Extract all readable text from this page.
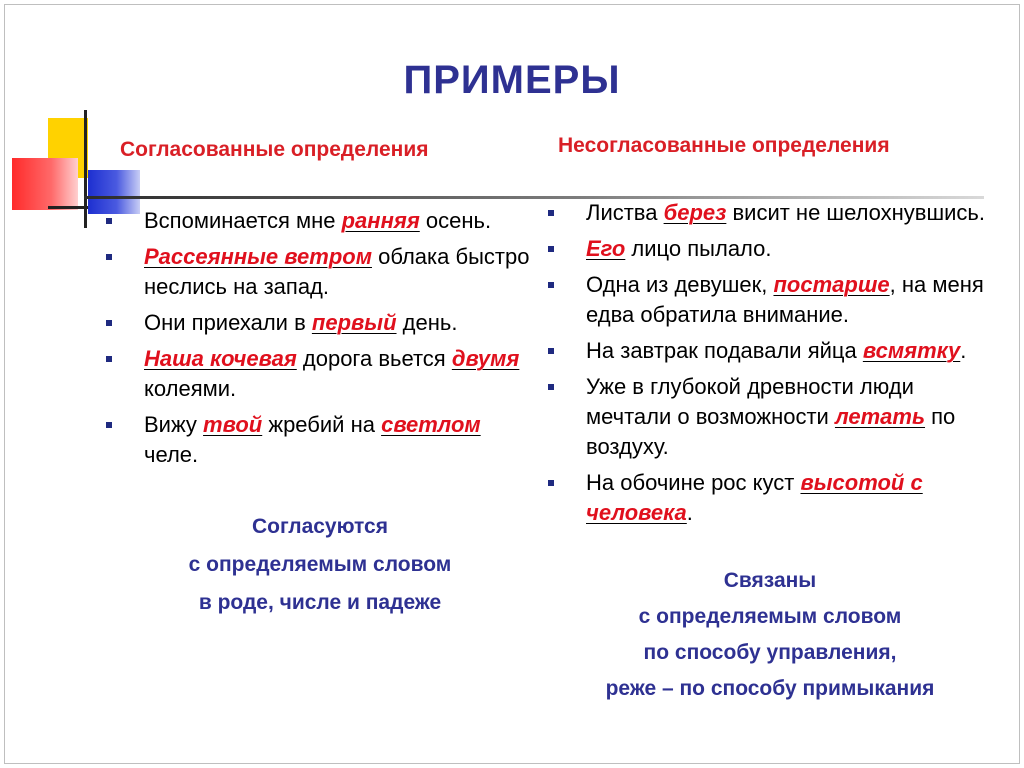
ПРИМЕРЫ
Согласованные определения	Несогласованные определения
Вспоминается мне ранняя осень.
Рассеянные ветром облака быстро неслись на запад.
Они приехали в первый день.
Наша кочевая дорога вьется двумя колеями.
Вижу твой жребий на светлом челе.
Листва берез висит не шелохнувшись.
Его лицо пылало.
Одна из девушек, постарше, на меня едва обратила внимание.
На завтрак подавали яйца всмятку.
Уже в глубокой древности люди мечтали о возможности летать по воздуху.
На обочине рос куст высотой с человека.
Согласуются
с определяемым словом
в роде, числе и падеже
Связаны
с определяемым словом
по способу управления,
реже – по способу примыкания
